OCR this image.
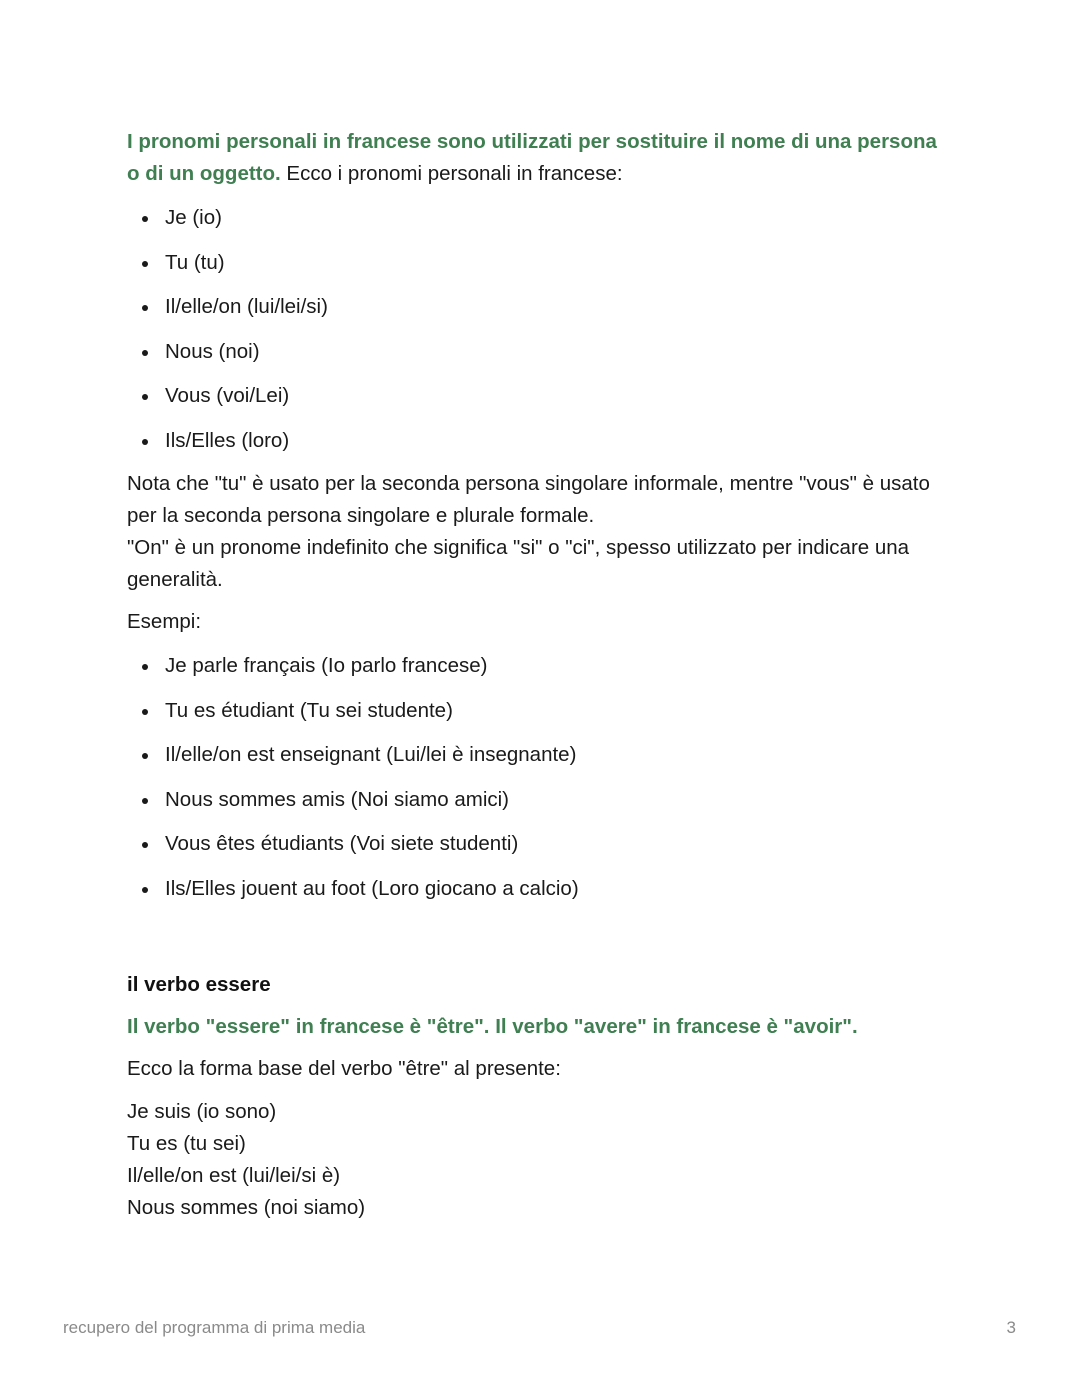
I pronomi personali in francese sono utilizzati per sostituire il nome di una persona o di un oggetto. Ecco i pronomi personali in francese:

Je (io)
Tu (tu)
Il/elle/on (lui/lei/si)
Nous (noi)
Vous (voi/Lei)
Ils/Elles (loro)

Nota che "tu" è usato per la seconda persona singolare informale, mentre "vous" è usato per la seconda persona singolare e plurale formale.

"On" è un pronome indefinito che significa "si" o "ci", spesso utilizzato per indicare una generalità.

Esempi:

Je parle français (Io parlo francese)
Tu es étudiant (Tu sei studente)
Il/elle/on est enseignant (Lui/lei è insegnante)
Nous sommes amis (Noi siamo amici)
Vous êtes étudiants (Voi siete studenti)
Ils/Elles jouent au foot (Loro giocano a calcio)

il verbo essere

Il verbo "essere" in francese è "être". Il verbo "avere" in francese è "avoir".

Ecco la forma base del verbo "être" al presente:

Je suis (io sono)

Tu es (tu sei)

Il/elle/on est (lui/lei/si è)

Nous sommes (noi siamo)

recupero del programma di prima media	3
